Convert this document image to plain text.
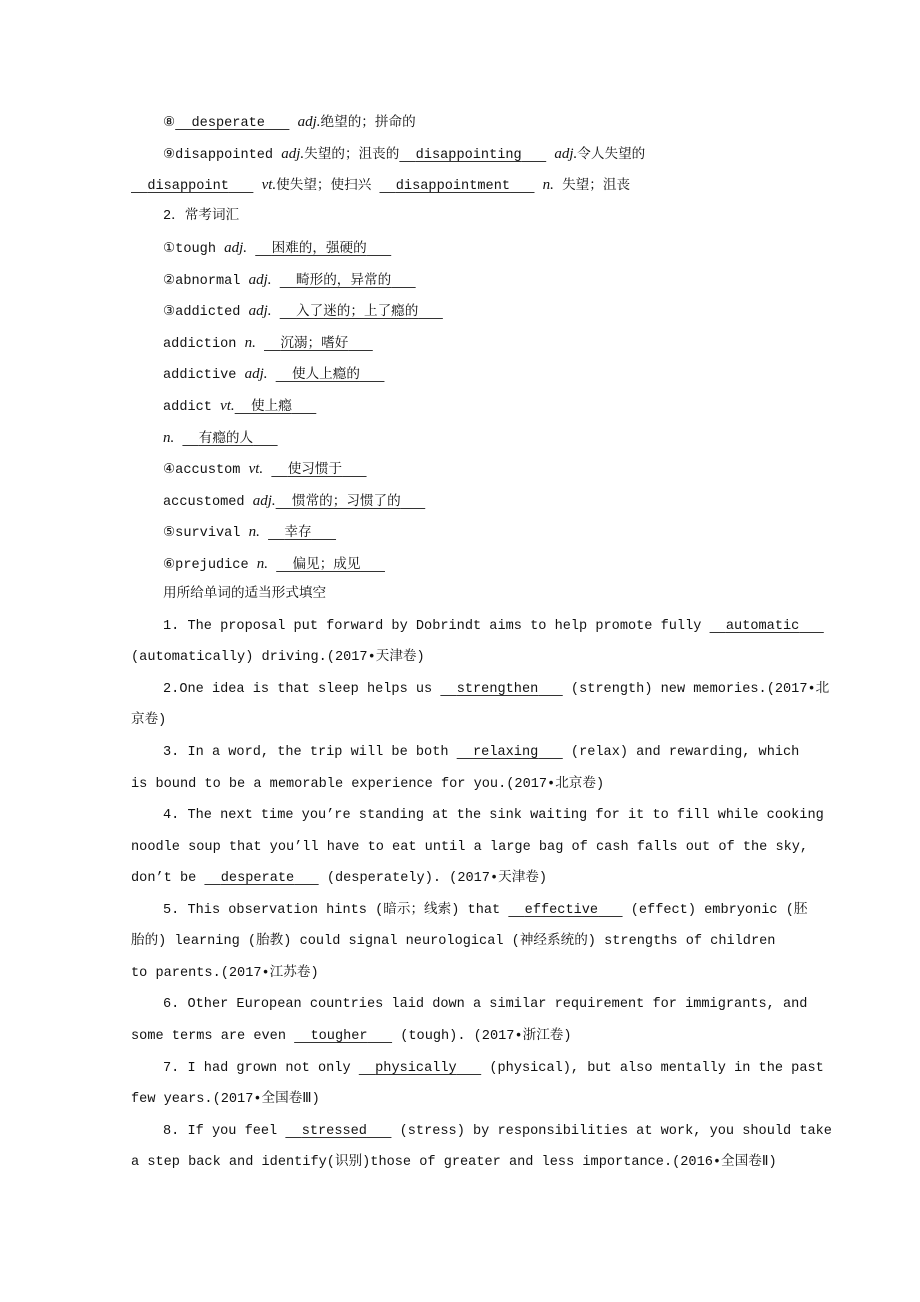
⑧ desperate adj.绝望的；拼命的
⑨disappointed adj.失望的；沮丧的 disappointing adj.令人失望的
disappoint vt.使失望；使扫兴   disappointment n. 失望；沮丧
2．常考词汇
①tough adj. 困难的，强硬的
②abnormal adj. 畸形的，异常的
③addicted adj. 入了迷的；上了瘾的
addiction n. 沉溺；嗜好
addictive adj. 使人上瘾的
addict vt. 使上瘾
n. 有瘾的人
④accustom vt. 使习惯于
accustomed adj. 惯常的；习惯了的
⑤survival n. 幸存
⑥prejudice n. 偏见；成见
用所给单词的适当形式填空
1. The proposal put forward by Dobrindt aims to help promote fully   automatic
(automatically) driving.(2017•天津卷)
2.One idea is that sleep helps us   strengthen    (strength) new memories.(2017•北
京卷)
3. In a word, the trip will be both   relaxing    (relax) and rewarding, which
is bound to be a memorable experience for you.(2017•北京卷)
4. The next time you’re standing at the sink waiting for it to fill while cooking
noodle soup that you’ll have to eat until a large bag of cash falls out of the sky,
don’t be   desperate    (desperately). (2017•天津卷)
5. This observation hints (暗示；线索) that   effective    (effect) embryonic (胚
胎的) learning (胎教) could signal neurological (神经系统的) strengths of children
to parents.(2017•江苏卷)
6. Other European countries laid down a similar requirement for immigrants, and
some terms are even   tougher    (tough). (2017•浙江卷)
7. I had grown not only   physically    (physical), but also mentally in the past
few years.(2017•全国卷Ⅲ)
8. If you feel   stressed    (stress) by responsibilities at work, you should take
a step back and identify(识别)those of greater and less importance.(2016•全国卷Ⅱ)
